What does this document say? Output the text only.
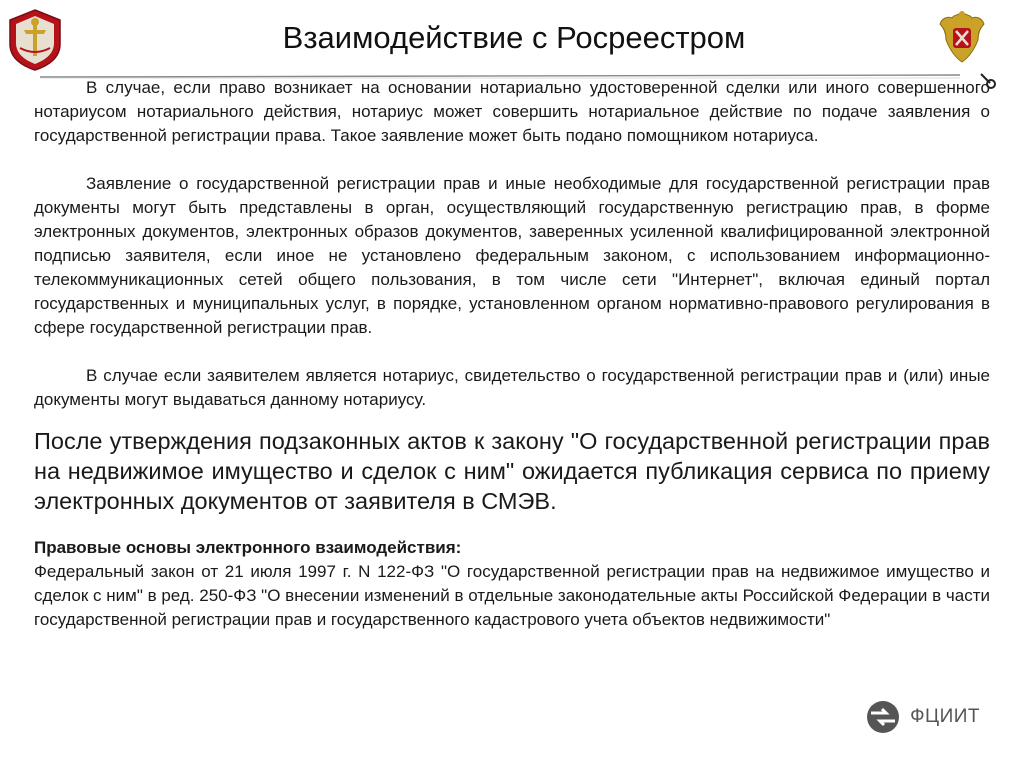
Взаимодействие с Росреестром

В случае, если право возникает на основании нотариально удостоверенной сделки или иного совершенного нотариусом нотариального действия, нотариус может совершить нотариальное действие по подаче заявления о государственной регистрации права. Такое заявление может быть подано помощником нотариуса.

Заявление о государственной регистрации прав и иные необходимые для государственной регистрации прав документы могут быть представлены в орган, осуществляющий государственную регистрацию прав, в форме электронных документов, электронных образов документов, заверенных усиленной квалифицированной электронной подписью заявителя, если иное не установлено федеральным законом, с использованием информационно-телекоммуникационных сетей общего пользования, в том числе сети "Интернет", включая единый портал государственных и муниципальных услуг, в порядке, установленном органом нормативно-правового регулирования в сфере государственной регистрации прав.

В случае если заявителем является нотариус, свидетельство о государственной регистрации прав и (или) иные документы могут выдаваться данному нотариусу.

После утверждения подзаконных актов к закону "О государственной регистрации прав на недвижимое имущество и сделок с ним" ожидается публикация сервиса по приему электронных документов от заявителя в СМЭВ.

Правовые основы электронного взаимодействия:

Федеральный закон от 21 июля 1997 г. N 122-ФЗ "О государственной регистрации прав на недвижимое имущество и сделок с ним" в ред. 250-ФЗ "О внесении изменений в отдельные законодательные акты Российской Федерации в части государственной регистрации прав и государственного кадастрового учета объектов недвижимости"

ФЦИИТ
